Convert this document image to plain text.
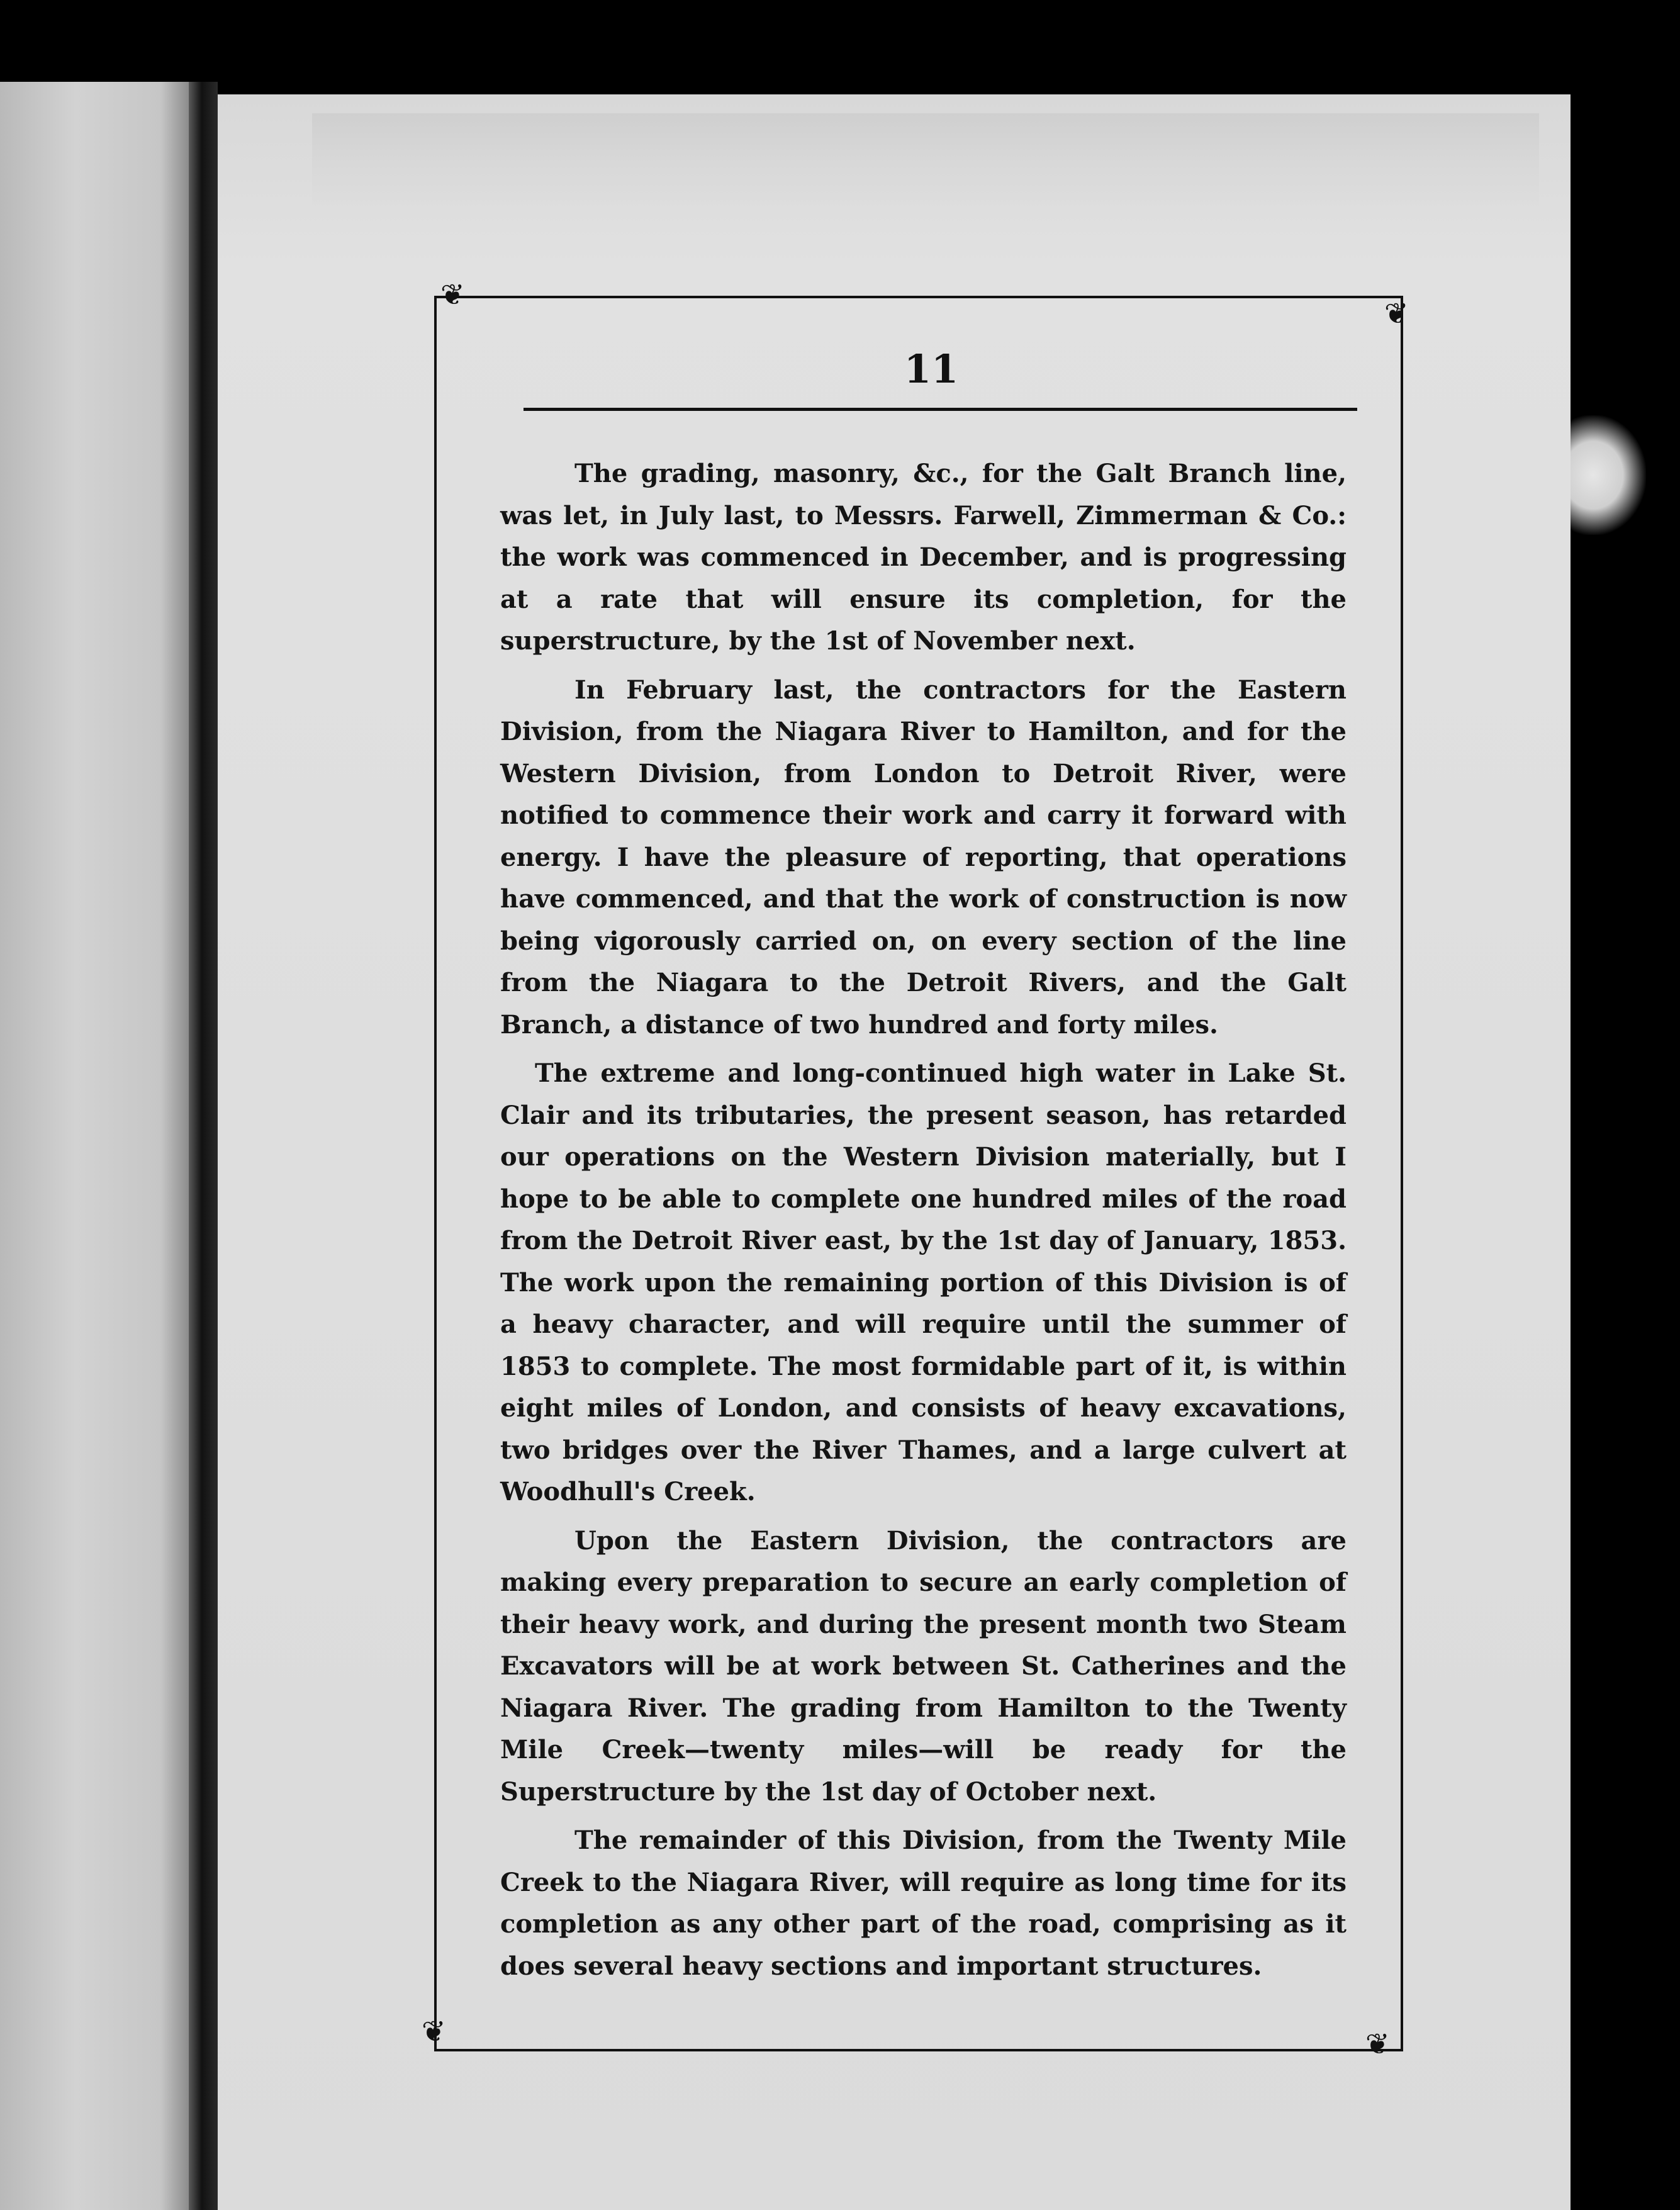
❦
❦
❦	❦
11

The grading, masonry, &c., for the Galt Branch line, was let, in July last, to Messrs. Farwell, Zimmerman & Co.: the work was commenced in December, and is progressing at a rate that will ensure its completion, for the superstructure, by the 1st of November next.

In February last, the contractors for the Eastern Division, from the Niagara River to Hamilton, and for the Western Division, from London to Detroit River, were notified to commence their work and carry it forward with energy. I have the pleasure of reporting, that operations have commenced, and that the work of construction is now being vigorously carried on, on every section of the line from the Niagara to the Detroit Rivers, and the Galt Branch, a distance of two hundred and forty miles.

The extreme and long-continued high water in Lake St. Clair and its tributaries, the present season, has retarded our operations on the Western Division materially, but I hope to be able to complete one hundred miles of the road from the Detroit River east, by the 1st day of January, 1853. The work upon the remaining portion of this Division is of a heavy character, and will require until the summer of 1853 to complete. The most formidable part of it, is within eight miles of London, and consists of heavy excavations, two bridges over the River Thames, and a large culvert at Woodhull's Creek.

Upon the Eastern Division, the contractors are making every preparation to secure an early completion of their heavy work, and during the present month two Steam Excavators will be at work between St. Catherines and the Niagara River. The grading from Hamilton to the Twenty Mile Creek—twenty miles—will be ready for the Superstructure by the 1st day of October next.

The remainder of this Division, from the Twenty Mile Creek to the Niagara River, will require as long time for its completion as any other part of the road, comprising as it does several heavy sections and important structures.
